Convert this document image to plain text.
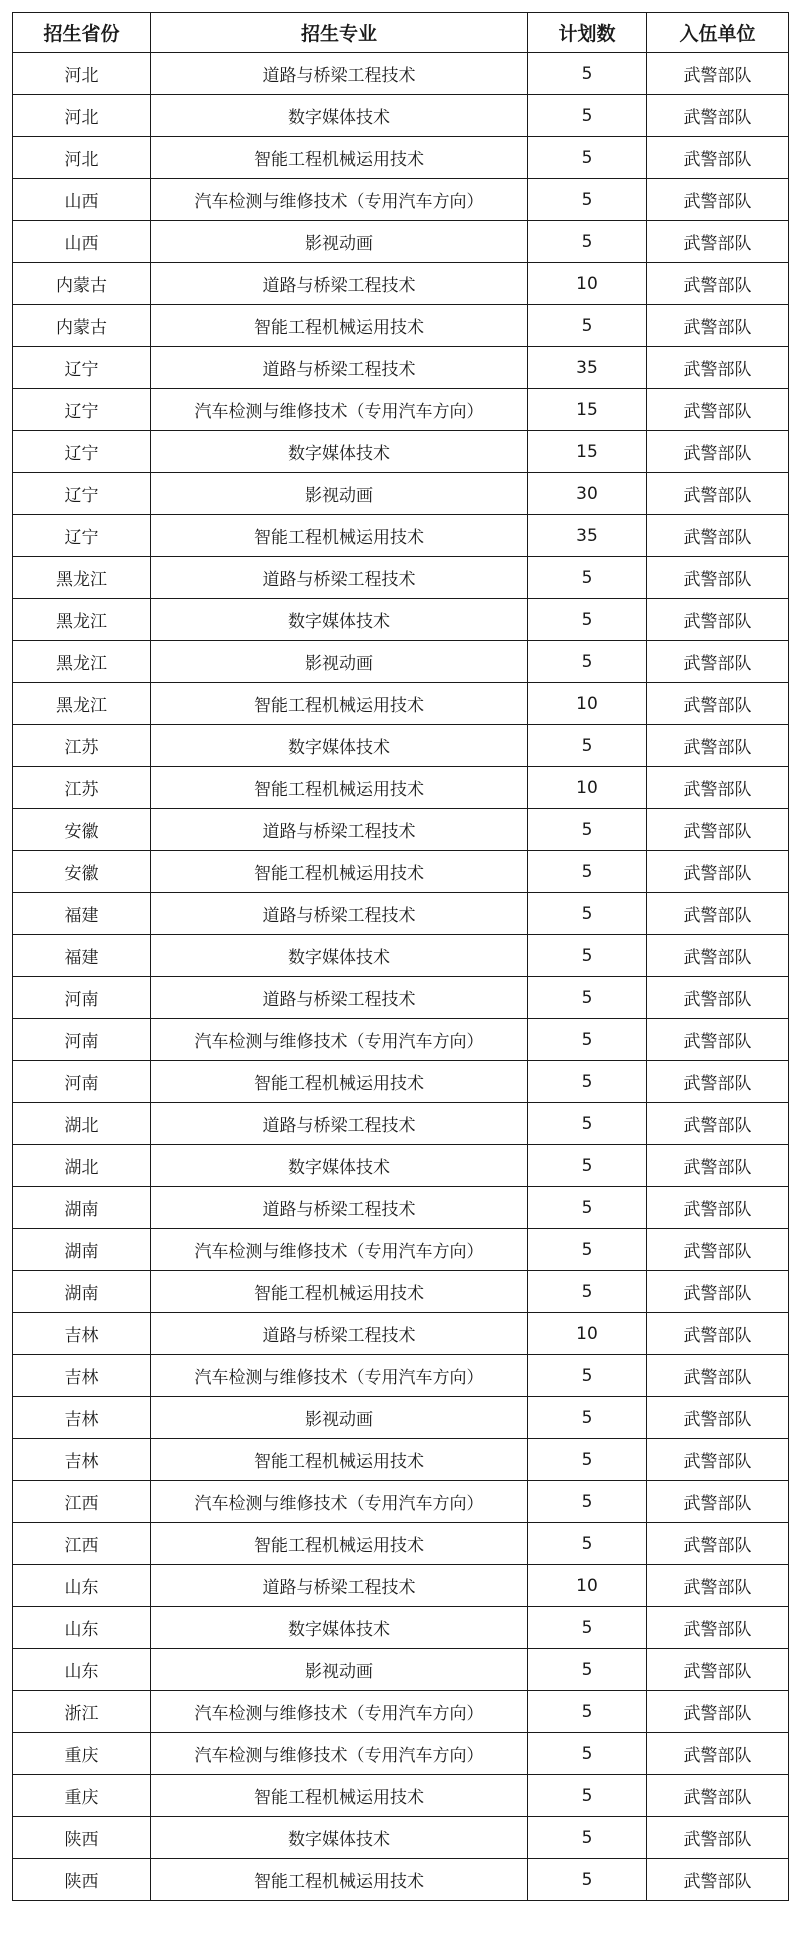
招生省份	招生专业	计划数	入伍单位
河北	道路与桥梁工程技术	5	武警部队
河北	数字媒体技术	5	武警部队
河北	智能工程机械运用技术	5	武警部队
山西	汽车检测与维修技术（专用汽车方向）	5	武警部队
山西	影视动画	5	武警部队
内蒙古	道路与桥梁工程技术	10	武警部队
内蒙古	智能工程机械运用技术	5	武警部队
辽宁	道路与桥梁工程技术	35	武警部队
辽宁	汽车检测与维修技术（专用汽车方向）	15	武警部队
辽宁	数字媒体技术	15	武警部队
辽宁	影视动画	30	武警部队
辽宁	智能工程机械运用技术	35	武警部队
黑龙江	道路与桥梁工程技术	5	武警部队
黑龙江	数字媒体技术	5	武警部队
黑龙江	影视动画	5	武警部队
黑龙江	智能工程机械运用技术	10	武警部队
江苏	数字媒体技术	5	武警部队
江苏	智能工程机械运用技术	10	武警部队
安徽	道路与桥梁工程技术	5	武警部队
安徽	智能工程机械运用技术	5	武警部队
福建	道路与桥梁工程技术	5	武警部队
福建	数字媒体技术	5	武警部队
河南	道路与桥梁工程技术	5	武警部队
河南	汽车检测与维修技术（专用汽车方向）	5	武警部队
河南	智能工程机械运用技术	5	武警部队
湖北	道路与桥梁工程技术	5	武警部队
湖北	数字媒体技术	5	武警部队
湖南	道路与桥梁工程技术	5	武警部队
湖南	汽车检测与维修技术（专用汽车方向）	5	武警部队
湖南	智能工程机械运用技术	5	武警部队
吉林	道路与桥梁工程技术	10	武警部队
吉林	汽车检测与维修技术（专用汽车方向）	5	武警部队
吉林	影视动画	5	武警部队
吉林	智能工程机械运用技术	5	武警部队
江西	汽车检测与维修技术（专用汽车方向）	5	武警部队
江西	智能工程机械运用技术	5	武警部队
山东	道路与桥梁工程技术	10	武警部队
山东	数字媒体技术	5	武警部队
山东	影视动画	5	武警部队
浙江	汽车检测与维修技术（专用汽车方向）	5	武警部队
重庆	汽车检测与维修技术（专用汽车方向）	5	武警部队
重庆	智能工程机械运用技术	5	武警部队
陕西	数字媒体技术	5	武警部队
陕西	智能工程机械运用技术	5	武警部队
